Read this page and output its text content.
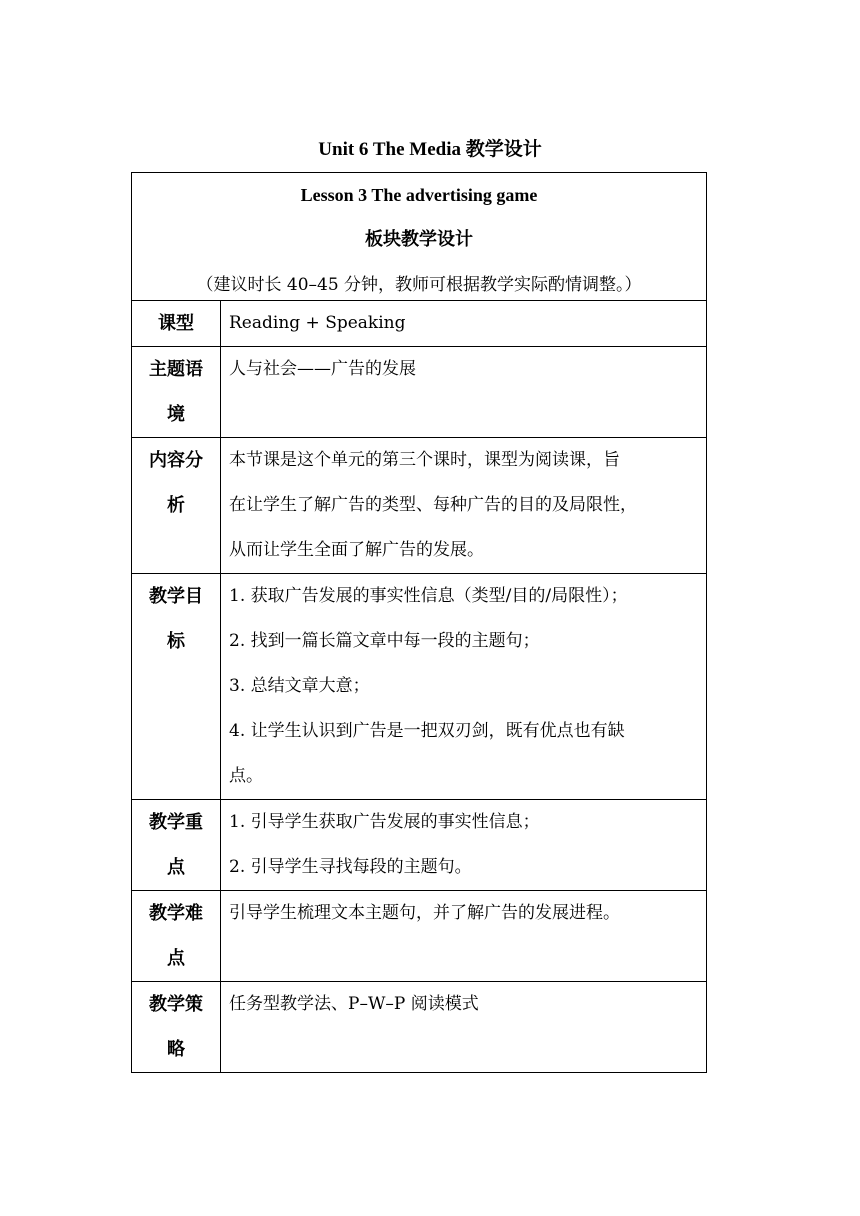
Unit 6 The Media 教学设计
Lesson 3 The advertising game
板块教学设计
（建议时长 40–45 分钟，教师可根据教学实际酌情调整。）	

课型	Reading + Speaking

主题语境	人与社会——广告的发展

内容分析	本节课是这个单元的第三个课时，课型为阅读课，旨
在让学生了解广告的类型、每种广告的目的及局限性，
从而让学生全面了解广告的发展。

教学目标	1. 获取广告发展的事实性信息（类型/目的/局限性）；
2. 找到一篇长篇文章中每一段的主题句；
3. 总结文章大意；
4. 让学生认识到广告是一把双刃剑，既有优点也有缺
点。

教学重点	1. 引导学生获取广告发展的事实性信息；
2. 引导学生寻找每段的主题句。

教学难点	引导学生梳理文本主题句，并了解广告的发展进程。

教学策略	任务型教学法、P–W–P 阅读模式
